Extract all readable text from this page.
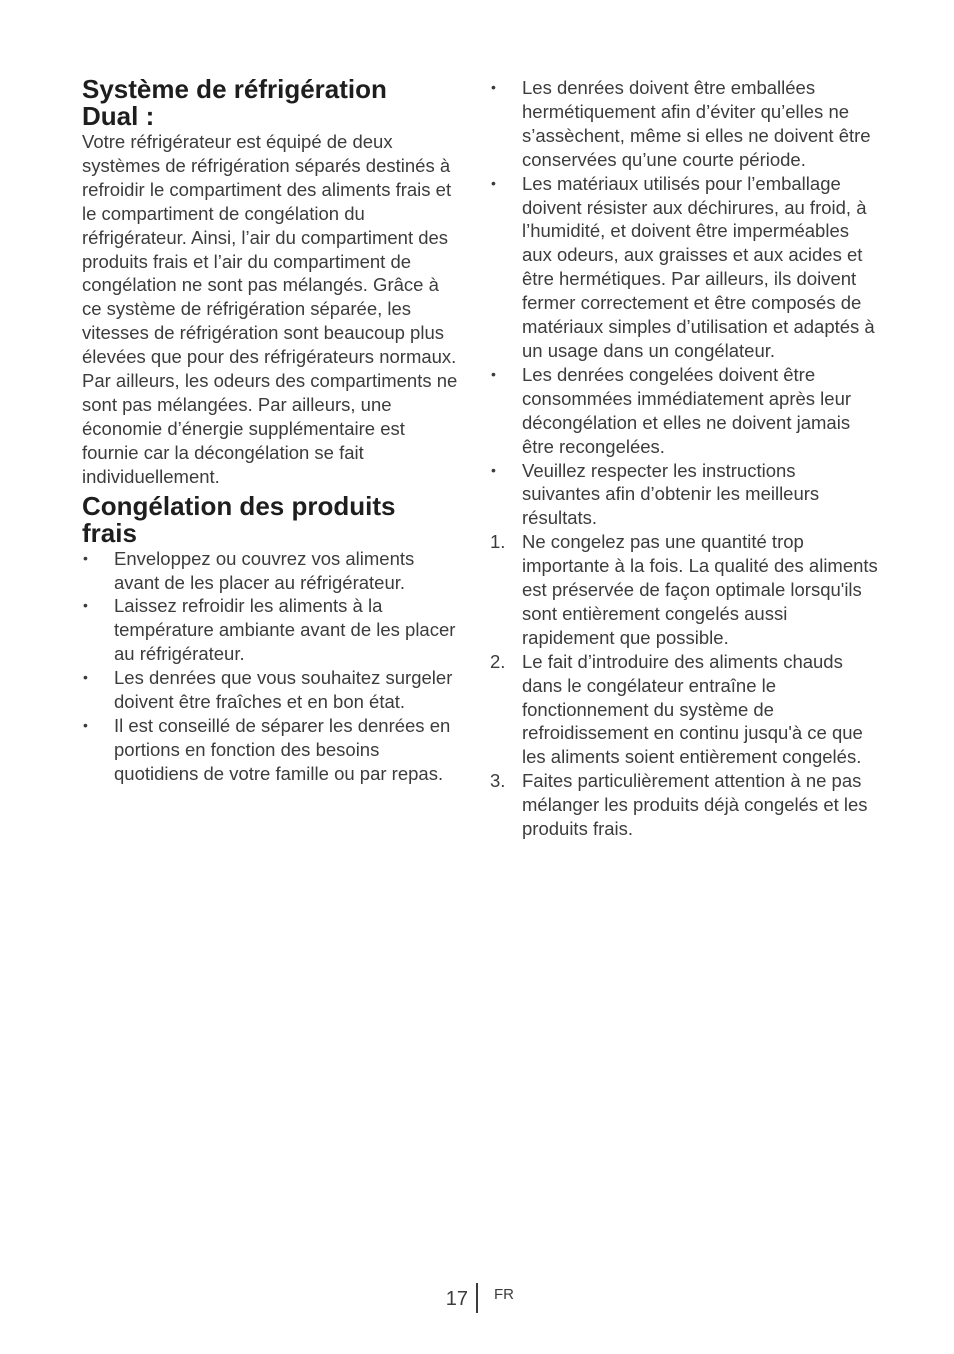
Système de réfrigération
Dual :

Votre réfrigérateur est équipé de deux systèmes de réfrigération séparés destinés à refroidir le compartiment des aliments frais et le compartiment de congélation du réfrigérateur. Ainsi, l’air du compartiment des produits frais et l’air du compartiment de congélation ne sont pas mélangés. Grâce à ce système de réfrigération séparée, les vitesses de réfrigération sont beaucoup plus élevées que pour des réfrigérateurs normaux. Par ailleurs, les odeurs des compartiments ne sont pas mélangées. Par ailleurs, une économie d’énergie supplémentaire est fournie car la décongélation se fait individuellement.

Congélation des produits
frais
•	Enveloppez ou couvrez vos aliments avant de les placer au réfrigérateur.
•	Laissez refroidir les aliments à la température ambiante avant de les placer au réfrigérateur.
•	Les denrées que vous souhaitez surgeler doivent être fraîches et en bon état.
•	Il est conseillé de séparer les denrées en portions en fonction des besoins quotidiens de votre famille ou par repas.
•	Les denrées doivent être emballées hermétiquement afin d’éviter qu’elles ne s’assèchent, même si elles ne doivent être conservées qu’une courte période.
•	Les matériaux utilisés pour l’emballage doivent résister aux déchirures, au froid, à l’humidité, et doivent être imperméables aux odeurs, aux graisses et aux acides et être hermétiques. Par ailleurs, ils doivent fermer correctement et être composés de matériaux simples d’utilisation et adaptés à un usage dans un congélateur.
•	Les denrées congelées doivent être consommées immédiatement après leur décongélation et elles ne doivent jamais être recongelées.
•	Veuillez respecter les instructions suivantes afin d’obtenir les meilleurs résultats.
1. Ne congelez pas une quantité trop importante à la fois. La qualité des aliments est préservée de façon optimale lorsqu'ils sont entièrement congelés aussi rapidement que possible.
2. Le fait d’introduire des aliments chauds dans le congélateur entraîne le fonctionnement du système de refroidissement en continu jusqu'à ce que les aliments soient entièrement congelés.
3. Faites particulièrement attention à ne pas mélanger les produits déjà congelés et les produits frais.
17 FR
